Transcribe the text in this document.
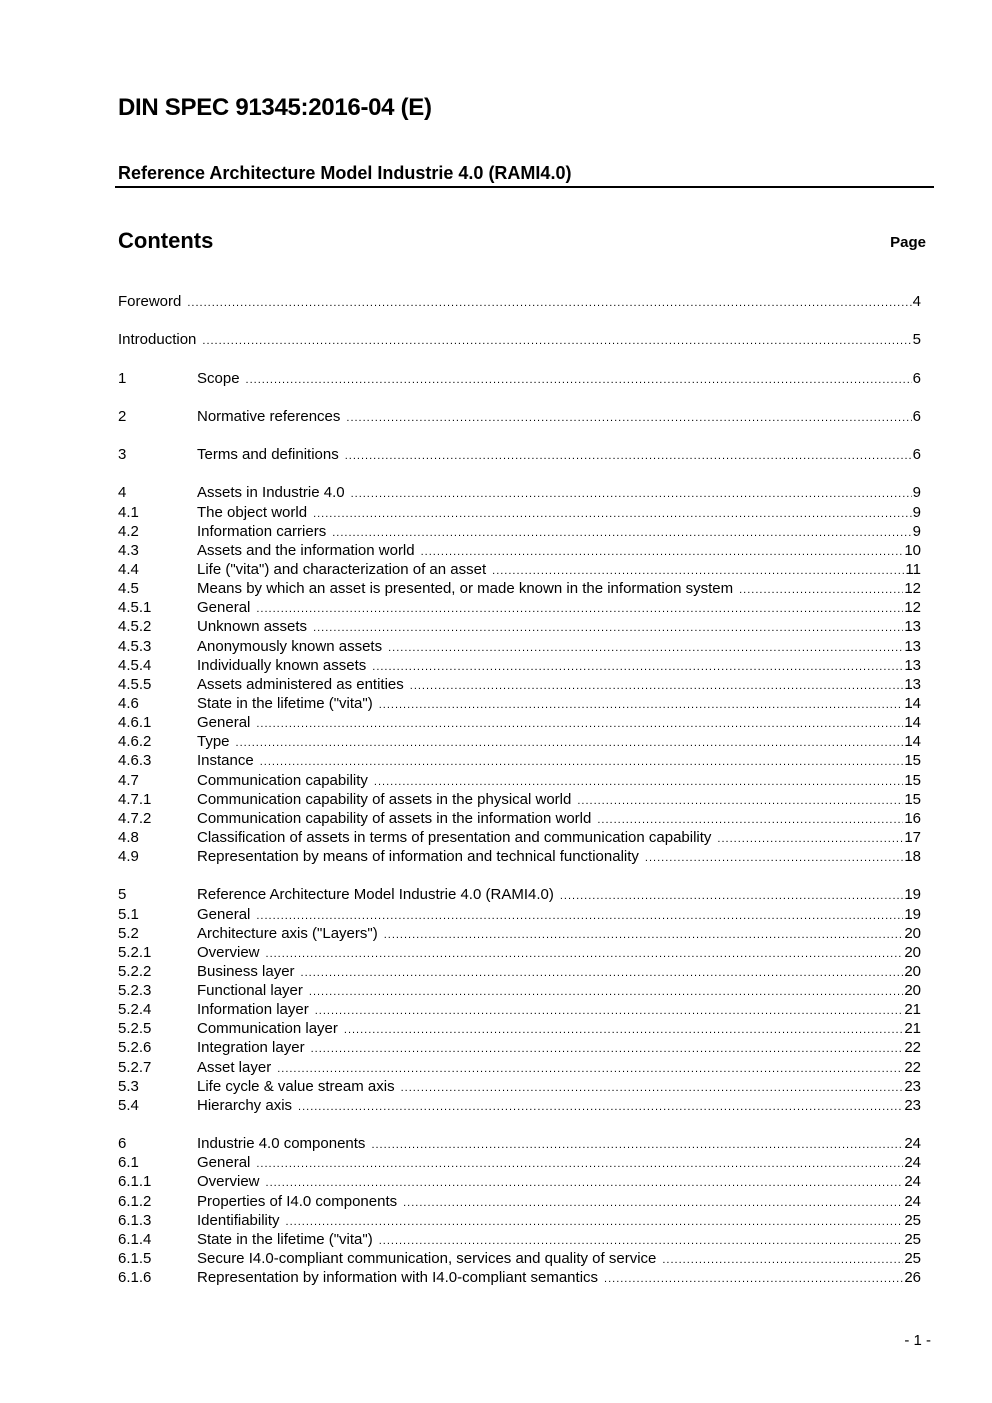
DIN SPEC 91345:2016-04 (E)
Reference Architecture Model Industrie 4.0 (RAMI4.0)
Contents	Page
Foreword .....	4
Introduction .....	5
1	Scope .....	6
2	Normative references .....	6
3	Terms and definitions .....	6
4	Assets in Industrie 4.0 .....	9
4.1	The object world .....	9
4.2	Information carriers .....	9
4.3	Assets and the information world .....	10
4.4	Life ("vita") and characterization of an asset .....	11
4.5	Means by which an asset is presented, or made known in the information system .....	12
4.5.1	General .....	12
4.5.2	Unknown assets .....	13
4.5.3	Anonymously known assets .....	13
4.5.4	Individually known assets .....	13
4.5.5	Assets administered as entities .....	13
4.6	State in the lifetime ("vita") .....	14
4.6.1	General .....	14
4.6.2	Type .....	14
4.6.3	Instance .....	15
4.7	Communication capability .....	15
4.7.1	Communication capability of assets in the physical world .....	15
4.7.2	Communication capability of assets in the information world .....	16
4.8	Classification of assets in terms of presentation and communication capability .....	17
4.9	Representation by means of information and technical functionality .....	18
5	Reference Architecture Model Industrie 4.0 (RAMI4.0) .....	19
5.1	General .....	19
5.2	Architecture axis ("Layers") .....	20
5.2.1	Overview .....	20
5.2.2	Business layer .....	20
5.2.3	Functional layer .....	20
5.2.4	Information layer .....	21
5.2.5	Communication layer .....	21
5.2.6	Integration layer .....	22
5.2.7	Asset layer .....	22
5.3	Life cycle & value stream axis .....	23
5.4	Hierarchy axis .....	23
6	Industrie 4.0 components .....	24
6.1	General .....	24
6.1.1	Overview .....	24
6.1.2	Properties of I4.0 components .....	24
6.1.3	Identifiability .....	25
6.1.4	State in the lifetime ("vita") .....	25
6.1.5	Secure I4.0-compliant communication, services and quality of service .....	25
6.1.6	Representation by information with I4.0-compliant semantics .....	26
- 1 -
